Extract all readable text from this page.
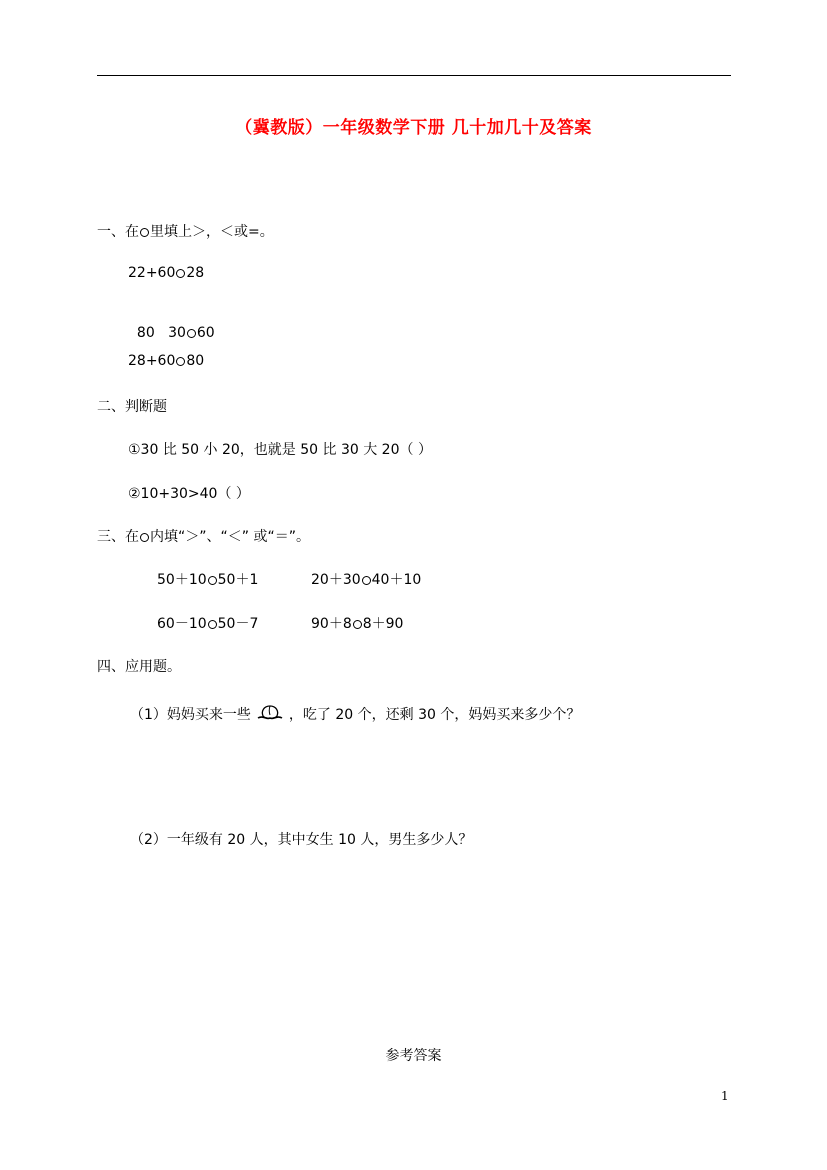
（冀教版）一年级数学下册 几十加几十及答案
一、在 里填上＞，＜或=。
22+60 28

80   30 60

28+60 80
二、判断题
①30 比 50 小 20，也就是 50 比 30 大 20（ ）
②10+30>40（ ）
三、在 内填“＞”、“＜” 或“＝”。
50＋10 50＋1	20＋30 40＋10
60－10 50－7	90＋8 8＋90
四、应用题。
（1）妈妈买来一些	，吃了 20 个，还剩 30 个，妈妈买来多少个？
（2）一年级有 20 人，其中女生 10 人，男生多少人？
参考答案
1
